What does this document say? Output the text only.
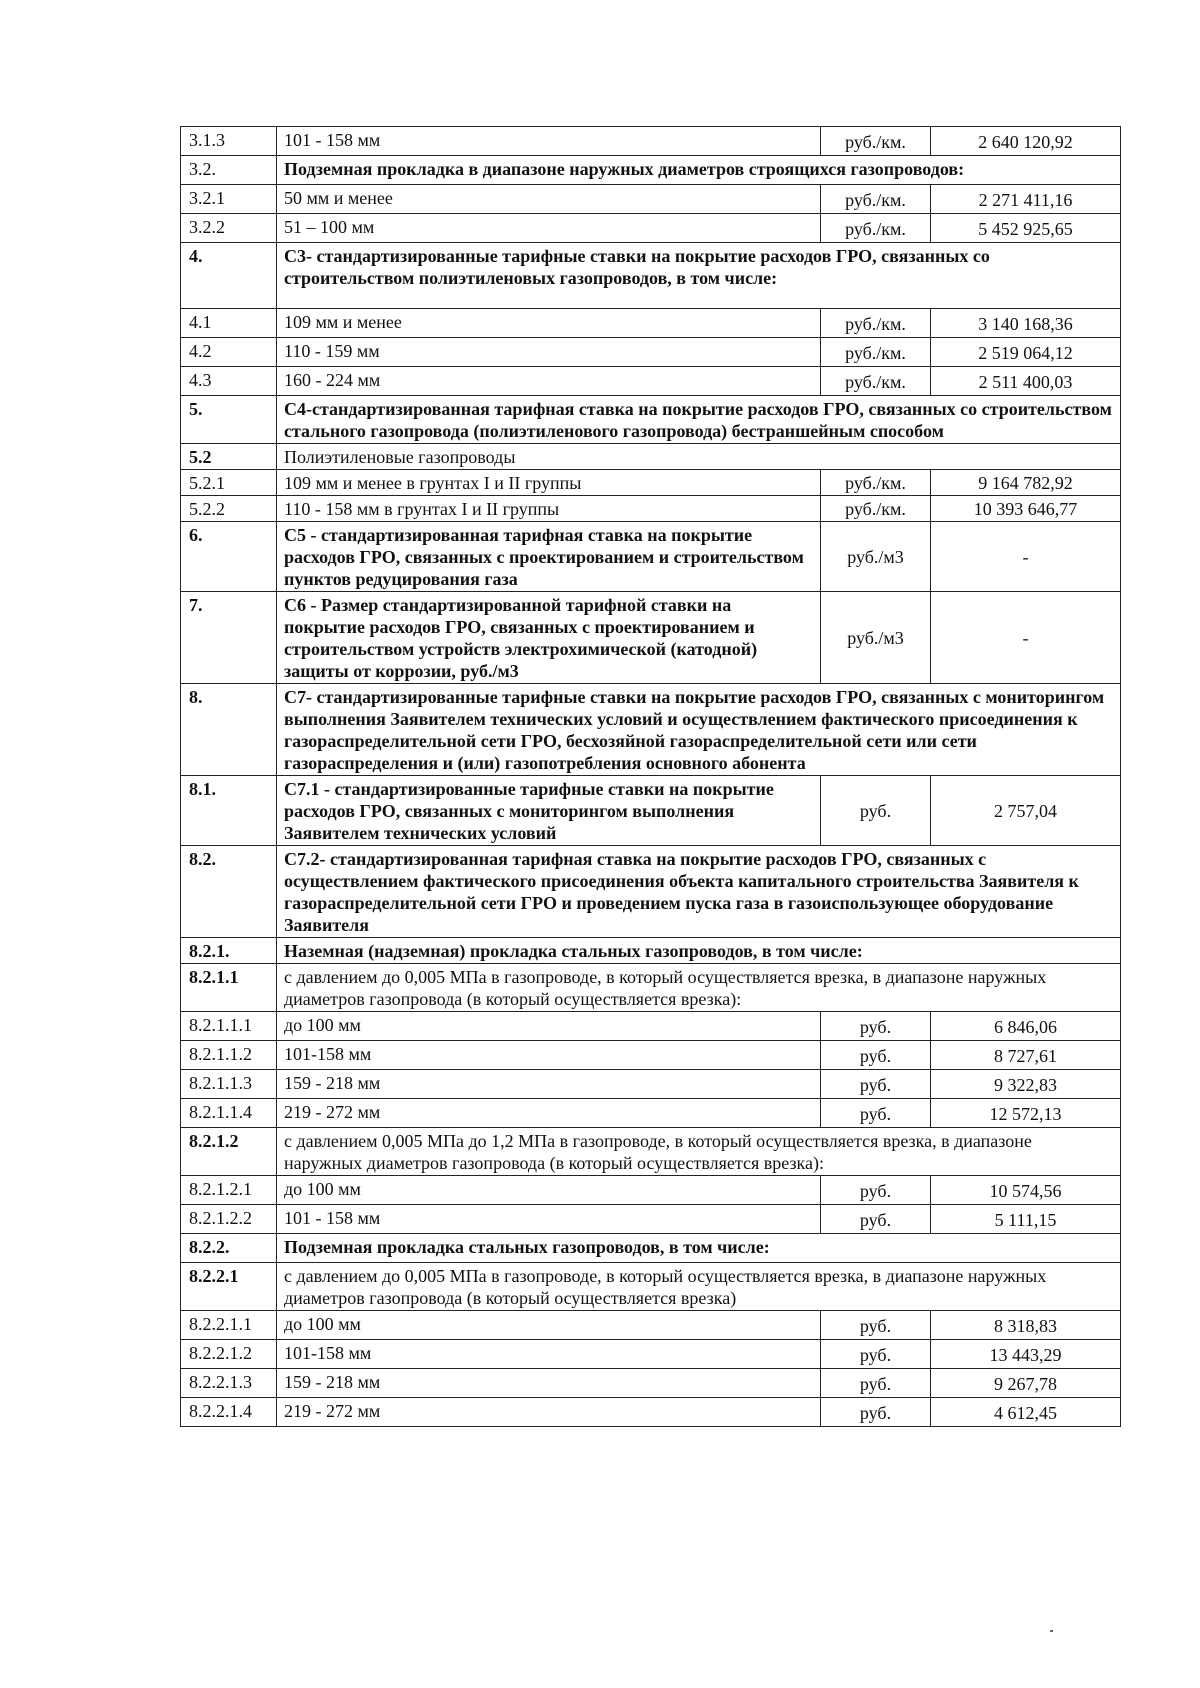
3.1.3	101 - 158 мм	руб./км.	2 640 120,92
3.2.	Подземная прокладка в диапазоне наружных диаметров строящихся газопроводов:		
3.2.1	50 мм и менее	руб./км.	2 271 411,16
3.2.2	51 – 100 мм	руб./км.	5 452 925,65
4.	С3- стандартизированные тарифные ставки на покрытие расходов ГРО, связанных со строительством полиэтиленовых газопроводов, в том числе:		
4.1	109 мм и менее	руб./км.	3 140 168,36
4.2	110 - 159 мм	руб./км.	2 519 064,12
4.3	160 - 224 мм	руб./км.	2 511 400,03
5.	С4-стандартизированная тарифная ставка на покрытие расходов ГРО, связанных со строительством стального газопровода (полиэтиленового газопровода) бестраншейным способом		
5.2	Полиэтиленовые газопроводы		
5.2.1	109 мм и менее в грунтах I и II группы	руб./км.	9 164 782,92
5.2.2	110 - 158 мм в грунтах I и II группы	руб./км.	10 393 646,77
6.	С5 - стандартизированная тарифная ставка на покрытие расходов ГРО, связанных с проектированием и строительством пунктов редуцирования газа	руб./м3	-
7.	С6 - Размер стандартизированной тарифной ставки на покрытие расходов ГРО, связанных с проектированием и строительством устройств электрохимической (катодной) защиты от коррозии, руб./м3	руб./м3	-
8.	С7- стандартизированные тарифные ставки на покрытие расходов ГРО, связанных с мониторингом выполнения Заявителем технических условий и осуществлением фактического присоединения к газораспределительной сети ГРО, бесхозяйной газораспределительной сети или сети газораспределения и (или) газопотребления основного абонента		
8.1.	С7.1 - стандартизированные тарифные ставки на покрытие расходов ГРО, связанных с мониторингом выполнения Заявителем технических условий	руб.	2 757,04
8.2.	С7.2- стандартизированная тарифная ставка на покрытие расходов ГРО, связанных с осуществлением фактического присоединения объекта капитального строительства Заявителя к газораспределительной сети ГРО и проведением пуска газа в газоиспользующее оборудование Заявителя		
8.2.1.	Наземная (надземная) прокладка стальных газопроводов, в том числе:		
8.2.1.1	с давлением до 0,005 МПа в газопроводе, в который осуществляется врезка, в диапазоне наружных диаметров газопровода (в который осуществляется врезка):		
8.2.1.1.1	до 100 мм	руб.	6 846,06
8.2.1.1.2	101-158 мм	руб.	8 727,61
8.2.1.1.3	159 - 218 мм	руб.	9 322,83
8.2.1.1.4	219 - 272 мм	руб.	12 572,13
8.2.1.2	с давлением 0,005 МПа до 1,2 МПа в газопроводе, в который осуществляется врезка, в диапазоне наружных диаметров газопровода (в который осуществляется врезка):		
8.2.1.2.1	до 100 мм	руб.	10 574,56
8.2.1.2.2	101 - 158 мм	руб.	5 111,15
8.2.2.	Подземная прокладка стальных газопроводов, в том числе:		
8.2.2.1	с давлением до 0,005 МПа в газопроводе, в который осуществляется врезка, в диапазоне наружных диаметров газопровода (в который осуществляется врезка)		
8.2.2.1.1	до 100 мм	руб.	8 318,83
8.2.2.1.2	101-158 мм	руб.	13 443,29
8.2.2.1.3	159 - 218 мм	руб.	9 267,78
8.2.2.1.4	219 - 272 мм	руб.	4 612,45
